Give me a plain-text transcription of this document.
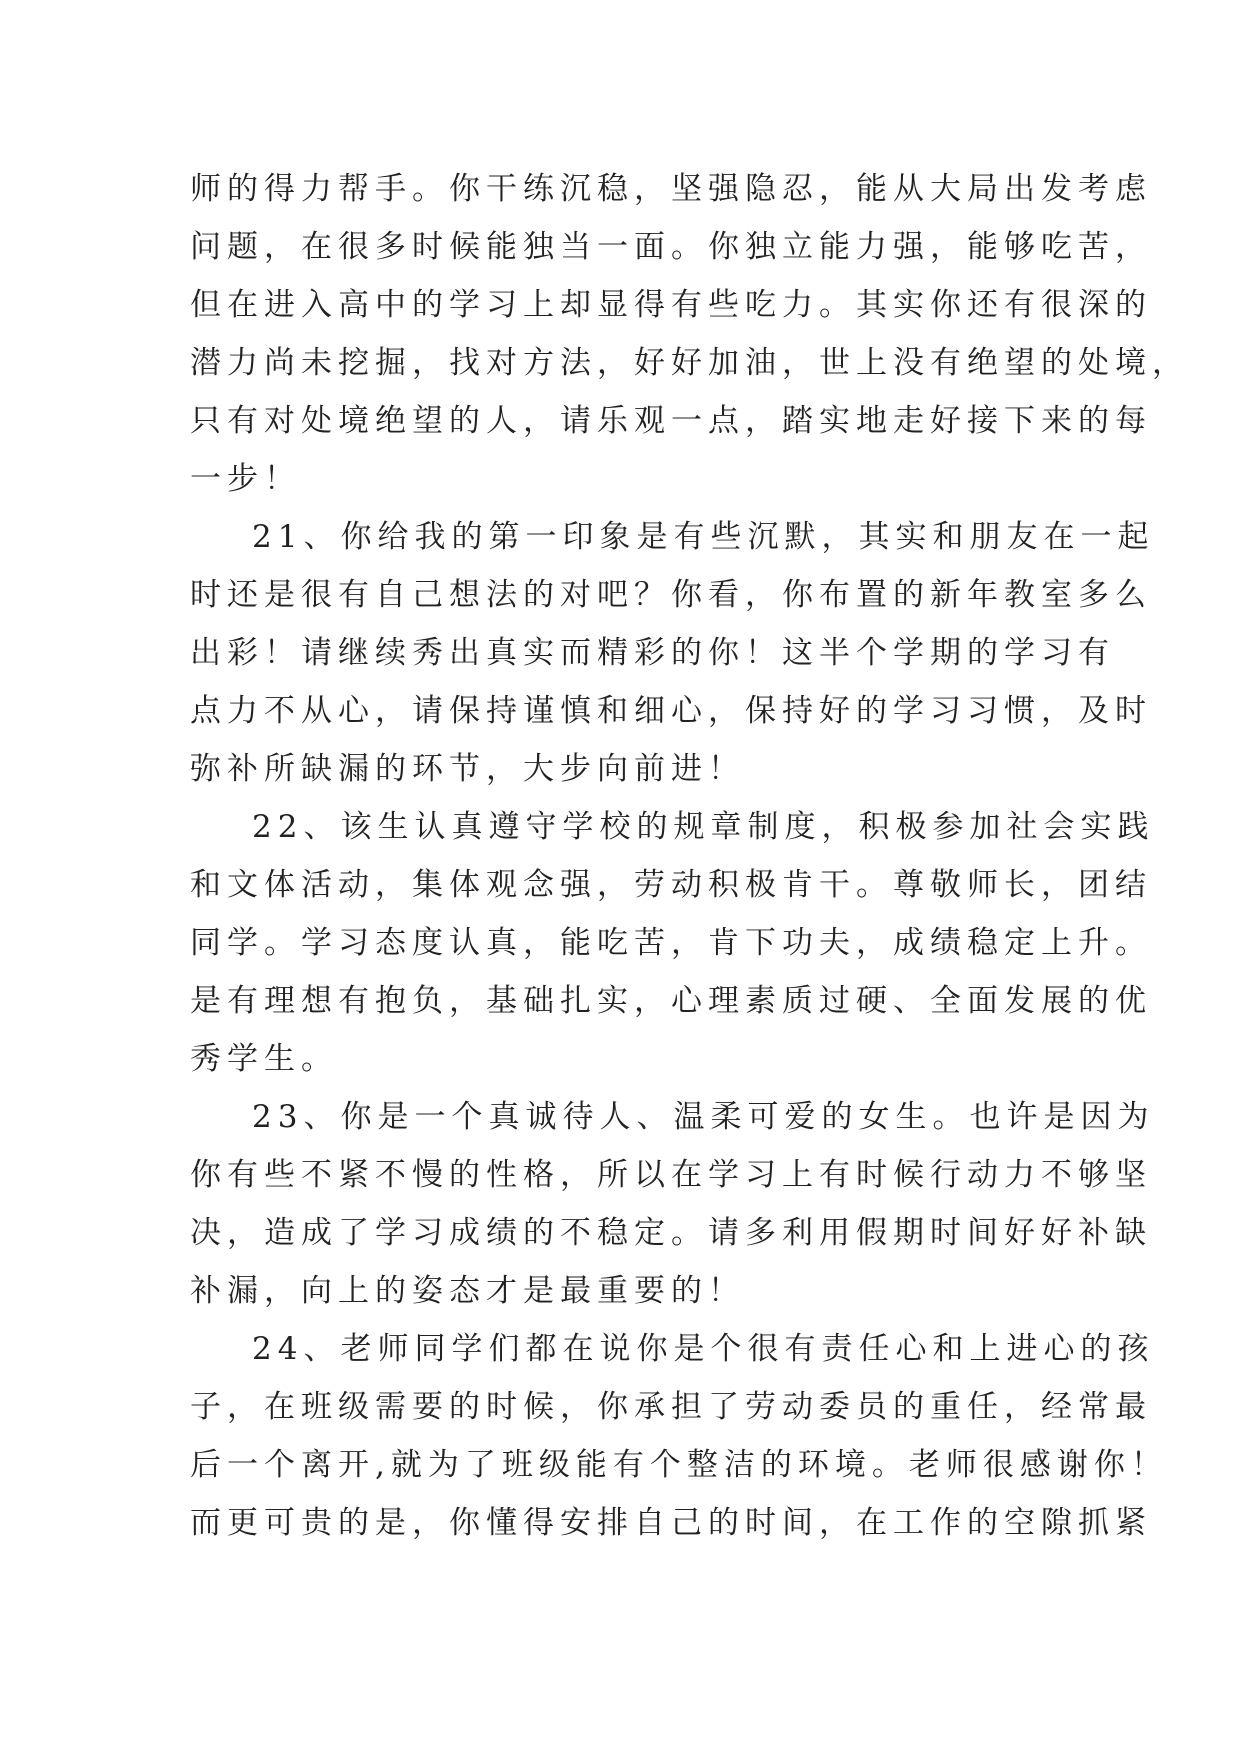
师的得力帮手。你干练沉稳，坚强隐忍，能从大局出发考虑
问题，在很多时候能独当一面。你独立能力强，能够吃苦，
但在进入高中的学习上却显得有些吃力。其实你还有很深的
潜力尚未挖掘，找对方法，好好加油，世上没有绝望的处境，
只有对处境绝望的人，请乐观一点，踏实地走好接下来的每
一步！
21、你给我的第一印象是有些沉默，其实和朋友在一起
时还是很有自己想法的对吧？你看，你布置的新年教室多么
出彩！请继续秀出真实而精彩的你！这半个学期的学习有
点力不从心，请保持谨慎和细心，保持好的学习习惯，及时
弥补所缺漏的环节，大步向前进！
22、该生认真遵守学校的规章制度，积极参加社会实践
和文体活动，集体观念强，劳动积极肯干。尊敬师长，团结
同学。学习态度认真，能吃苦，肯下功夫，成绩稳定上升。
是有理想有抱负，基础扎实，心理素质过硬、全面发展的优
秀学生。
23、你是一个真诚待人、温柔可爱的女生。也许是因为
你有些不紧不慢的性格，所以在学习上有时候行动力不够坚
决，造成了学习成绩的不稳定。请多利用假期时间好好补缺
补漏，向上的姿态才是最重要的！
24、老师同学们都在说你是个很有责任心和上进心的孩
子，在班级需要的时候，你承担了劳动委员的重任，经常最
后一个离开,就为了班级能有个整洁的环境。老师很感谢你！
而更可贵的是，你懂得安排自己的时间，在工作的空隙抓紧
